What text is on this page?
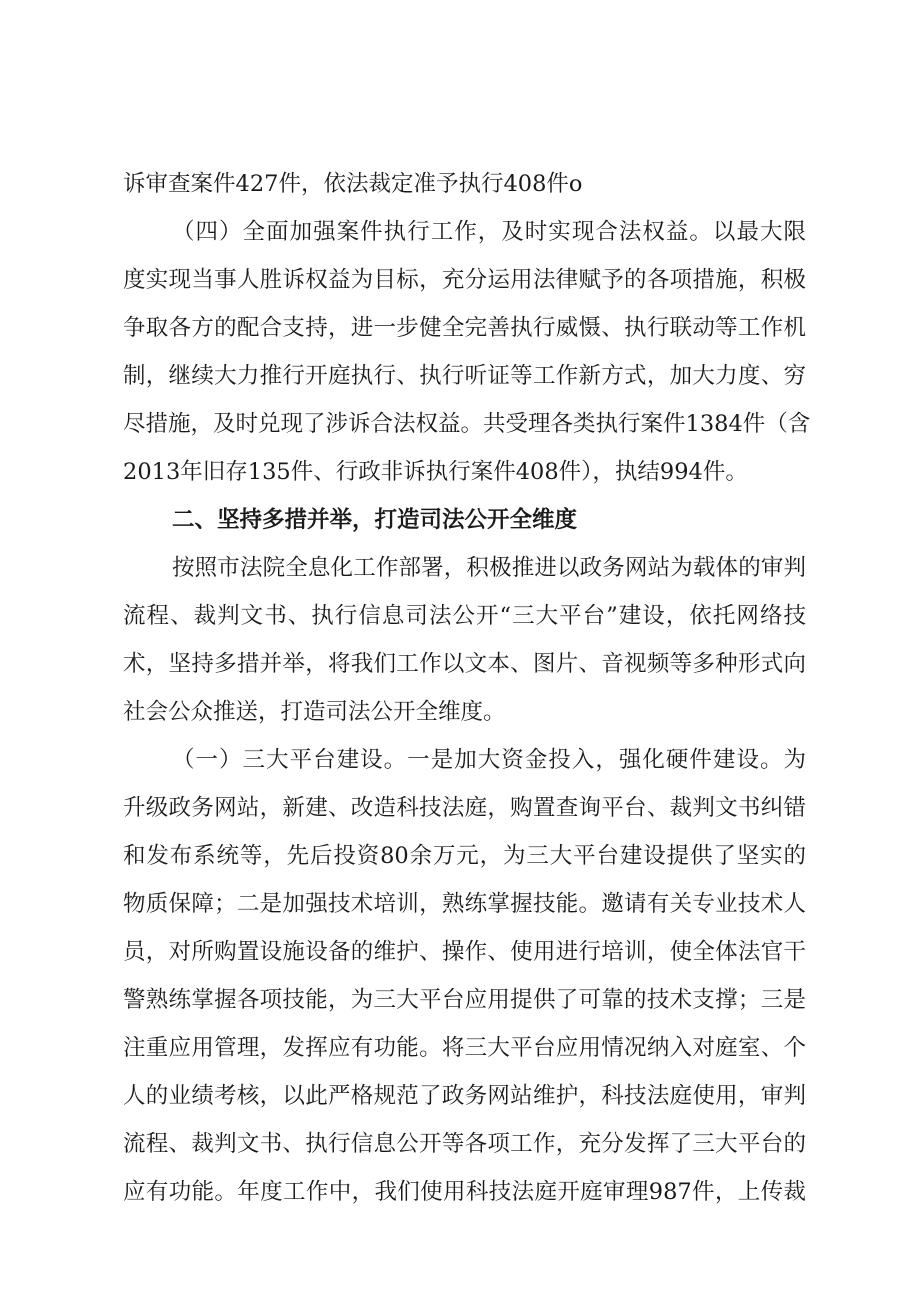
诉审查案件427件，依法裁定准予执行408件o
（四）全面加强案件执行工作，及时实现合法权益。以最大限
度实现当事人胜诉权益为目标，充分运用法律赋予的各项措施，积极
争取各方的配合支持，进一步健全完善执行威慑、执行联动等工作机
制，继续大力推行开庭执行、执行听证等工作新方式，加大力度、穷
尽措施，及时兑现了涉诉合法权益。共受理各类执行案件1384件（含
2013年旧存135件、行政非诉执行案件408件），执结994件。
二、坚持多措并举，打造司法公开全维度
按照市法院全息化工作部署，积极推进以政务网站为载体的审判
流程、裁判文书、执行信息司法公开“三大平台”建设，依托网络技
术，坚持多措并举，将我们工作以文本、图片、音视频等多种形式向
社会公众推送，打造司法公开全维度。
（一）三大平台建设。一是加大资金投入，强化硬件建设。为
升级政务网站，新建、改造科技法庭，购置查询平台、裁判文书纠错
和发布系统等，先后投资80余万元，为三大平台建设提供了坚实的
物质保障；二是加强技术培训，熟练掌握技能。邀请有关专业技术人
员，对所购置设施设备的维护、操作、使用进行培训，使全体法官干
警熟练掌握各项技能，为三大平台应用提供了可靠的技术支撑；三是
注重应用管理，发挥应有功能。将三大平台应用情况纳入对庭室、个
人的业绩考核，以此严格规范了政务网站维护，科技法庭使用，审判
流程、裁判文书、执行信息公开等各项工作，充分发挥了三大平台的
应有功能。年度工作中，我们使用科技法庭开庭审理987件，上传裁
